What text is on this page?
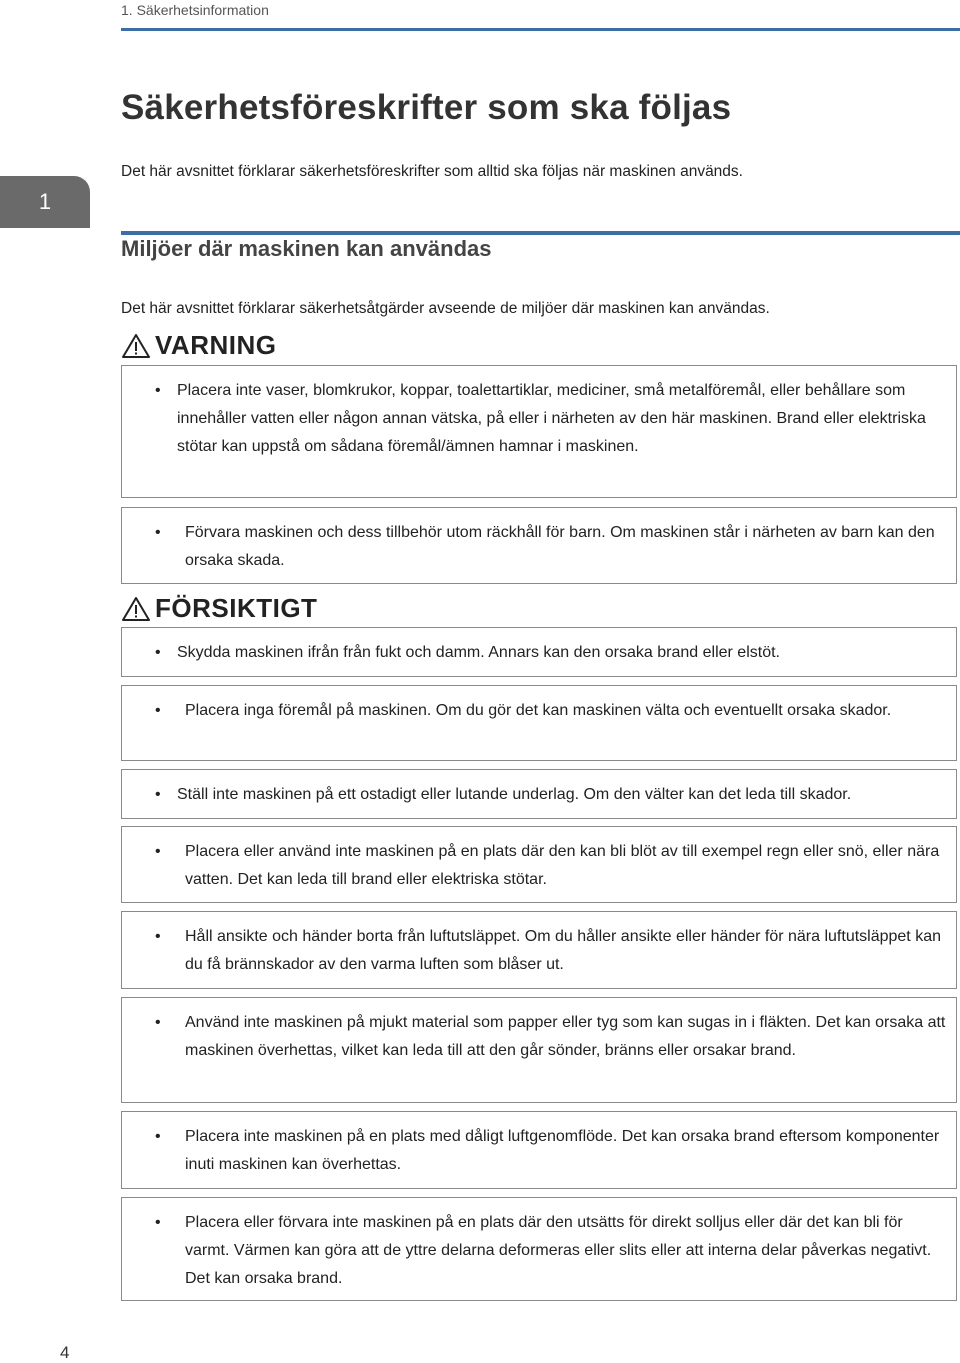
1. Säkerhetsinformation
1
Säkerhetsföreskrifter som ska följas

Det här avsnittet förklarar säkerhetsföreskrifter som alltid ska följas när maskinen används.

Miljöer där maskinen kan användas

Det här avsnittet förklarar säkerhetsåtgärder avseende de miljöer där maskinen kan användas.

VARNING
• Placera inte vaser, blomkrukor, koppar, toalettartiklar, mediciner, små metalföremål, eller behållare som innehåller vatten eller någon annan vätska, på eller i närheten av den här maskinen. Brand eller elektriska stötar kan uppstå om sådana föremål/ämnen hamnar i maskinen.
• Förvara maskinen och dess tillbehör utom räckhåll för barn. Om maskinen står i närheten av barn kan den orsaka skada.
FÖRSIKTIGT
• Skydda maskinen ifrån från fukt och damm. Annars kan den orsaka brand eller elstöt.
• Placera inga föremål på maskinen. Om du gör det kan maskinen välta och eventuellt orsaka skador.
• Ställ inte maskinen på ett ostadigt eller lutande underlag. Om den välter kan det leda till skador.
• Placera eller använd inte maskinen på en plats där den kan bli blöt av till exempel regn eller snö, eller nära vatten. Det kan leda till brand eller elektriska stötar.
• Håll ansikte och händer borta från luftutsläppet. Om du håller ansikte eller händer för nära luftutsläppet kan du få brännskador av den varma luften som blåser ut.
• Använd inte maskinen på mjukt material som papper eller tyg som kan sugas in i fläkten. Det kan orsaka att maskinen överhettas, vilket kan leda till att den går sönder, bränns eller orsakar brand.
• Placera inte maskinen på en plats med dåligt luftgenomflöde. Det kan orsaka brand eftersom komponenter inuti maskinen kan överhettas.
• Placera eller förvara inte maskinen på en plats där den utsätts för direkt solljus eller där det kan bli för varmt. Värmen kan göra att de yttre delarna deformeras eller slits eller att interna delar påverkas negativt. Det kan orsaka brand.
4
